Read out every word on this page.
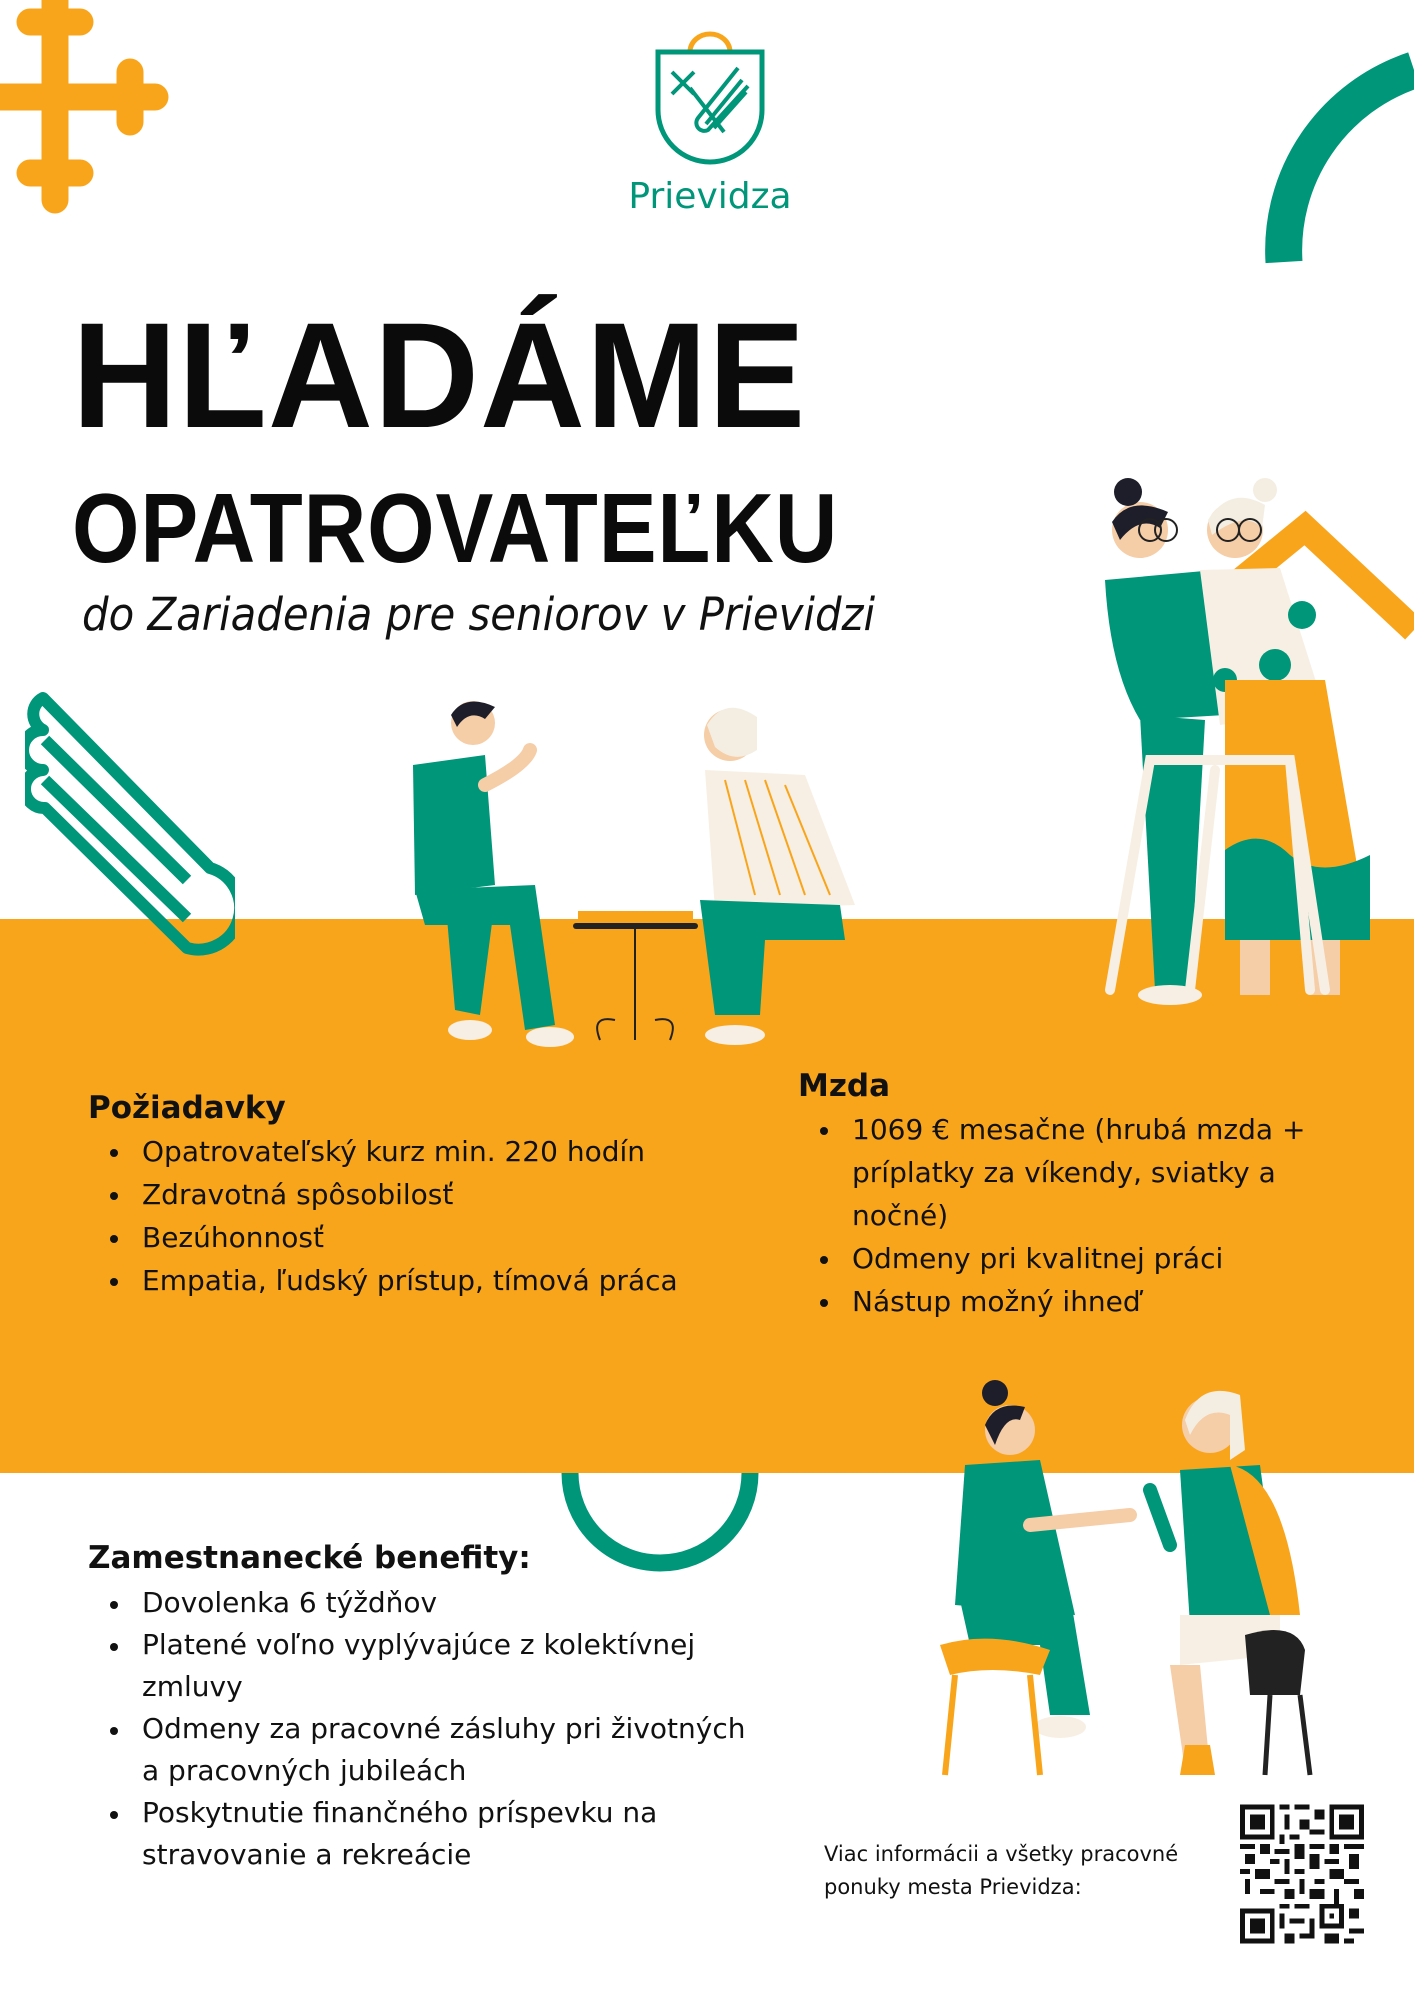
Prievidza
HĽADÁME
OPATROVATEĽKU
do Zariadenia pre seniorov v Prievidzi
Požiadavky
Opatrovateľský kurz min. 220 hodín
Zdravotná spôsobilosť
Bezúhonnosť
Empatia, ľudský prístup, tímová práca
Mzda
1069 € mesačne (hrubá mzda + príplatky za víkendy, sviatky a nočné)
Odmeny pri kvalitnej práci
Nástup možný ihneď
Zamestnanecké benefity:
Dovolenka 6 týždňov
Platené voľno vyplývajúce z kolektívnej zmluvy
Odmeny za pracovné zásluhy pri životných a pracovných jubileách
Poskytnutie finančného príspevku na stravovanie a rekreácie	Viac informácii a všetky pracovné
ponuky mesta Prievidza:
